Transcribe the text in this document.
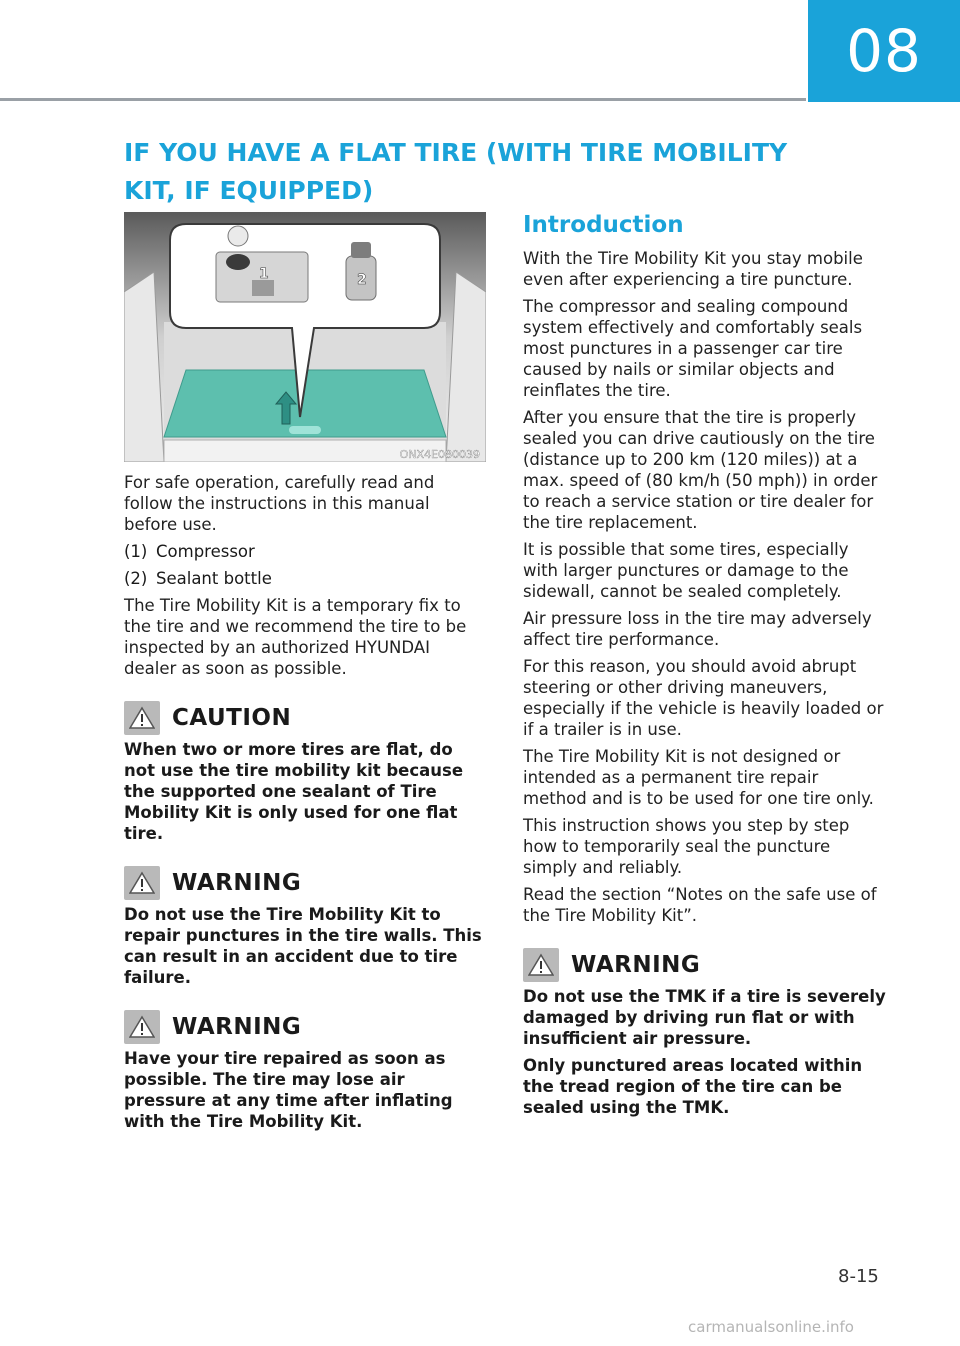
08
IF YOU HAVE A FLAT TIRE (WITH TIRE MOBILITY KIT, IF EQUIPPED)
1	2
ONX4E080039

For safe operation, carefully read and follow the instructions in this manual before use.

(1) Compressor
(2) Sealant bottle

The Tire Mobility Kit is a temporary fix to the tire and we recommend the tire to be inspected by an authorized HYUNDAI dealer as soon as possible.

CAUTION

When two or more tires are flat, do not use the tire mobility kit because the supported one sealant of Tire Mobility Kit is only used for one flat tire.

WARNING

Do not use the Tire Mobility Kit to repair punctures in the tire walls. This can result in an accident due to tire failure.

WARNING

Have your tire repaired as soon as possible. The tire may lose air pressure at any time after inflating with the Tire Mobility Kit.

Introduction

With the Tire Mobility Kit you stay mobile even after experiencing a tire puncture.

The compressor and sealing compound system effectively and comfortably seals most punctures in a passenger car tire caused by nails or similar objects and reinflates the tire.

After you ensure that the tire is properly sealed you can drive cautiously on the tire (distance up to 200 km (120 miles)) at a max. speed of (80 km/h (50 mph)) in order to reach a service station or tire dealer for the tire replacement.

It is possible that some tires, especially with larger punctures or damage to the sidewall, cannot be sealed completely.

Air pressure loss in the tire may adversely affect tire performance.

For this reason, you should avoid abrupt steering or other driving maneuvers, especially if the vehicle is heavily loaded or if a trailer is in use.

The Tire Mobility Kit is not designed or intended as a permanent tire repair method and is to be used for one tire only.

This instruction shows you step by step how to temporarily seal the puncture simply and reliably.

Read the section “Notes on the safe use of the Tire Mobility Kit”.

WARNING

Do not use the TMK if a tire is severely damaged by driving run flat or with insufficient air pressure.

Only punctured areas located within the tread region of the tire can be sealed using the TMK.

8-15
carmanualsonline.info
